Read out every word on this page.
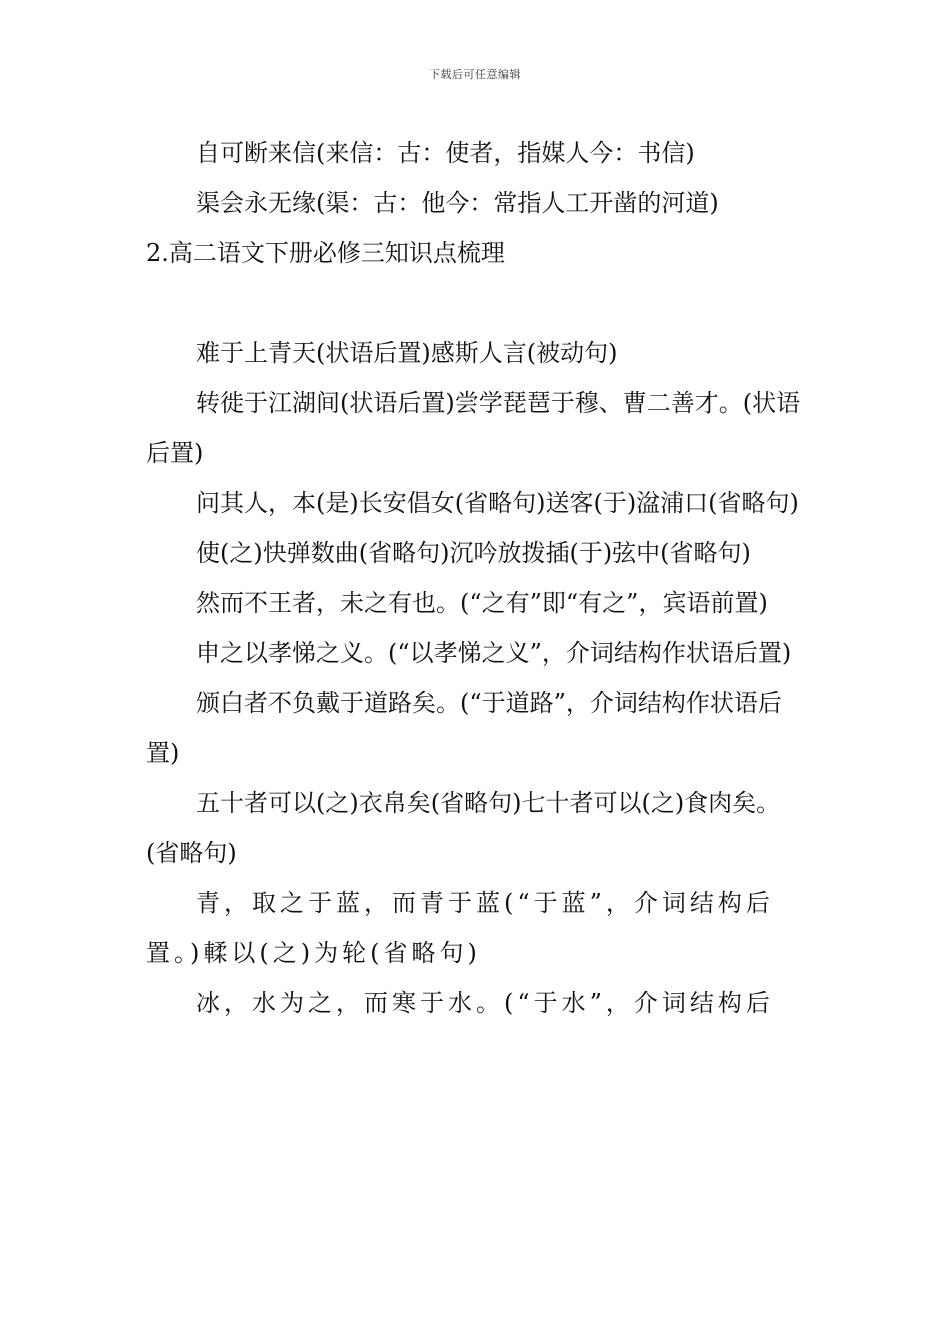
下载后可任意编辑

自可断来信(来信：古：使者，指媒人今：书信)

渠会永无缘(渠：古：他今：常指人工开凿的河道)

2.高二语文下册必修三知识点梳理

难于上青天(状语后置)感斯人言(被动句)

转徙于江湖间(状语后置)尝学琵琶于穆、曹二善才。(状语后置)

问其人，本(是)长安倡女(省略句)送客(于)湓浦口(省略句)

使(之)快弹数曲(省略句)沉吟放拨插(于)弦中(省略句)

然而不王者，未之有也。(“之有”即“有之”，宾语前置)

申之以孝悌之义。(“以孝悌之义”，介词结构作状语后置)

颁白者不负戴于道路矣。(“于道路”，介词结构作状语后置)

五十者可以(之)衣帛矣(省略句)七十者可以(之)食肉矣。(省略句)

青，取之于蓝，而青于蓝(“于蓝”，介词结构后置。)輮以(之)为轮(省略句)

冰，水为之，而寒于水。(“于水”，介词结构后
